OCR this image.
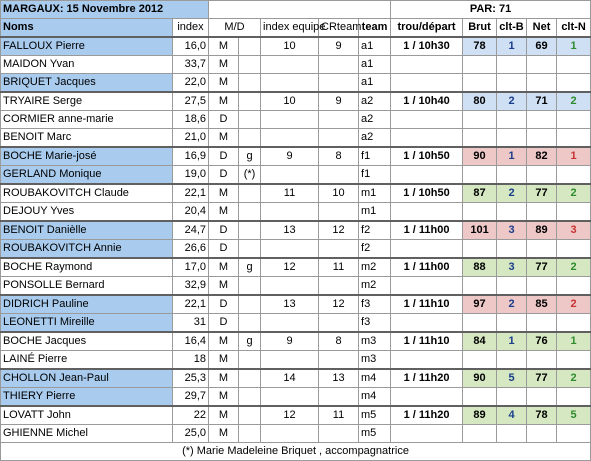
MARGAUX: 15 Novembre 2012							PAR: 71				
Noms	index	M/D		index equipe	CRteam	team	trou/départ	Brut	clt-B	Net	clt-N
FALLOUX Pierre	16,0	M		10	9	a1	1 / 10h30	78	1	69	1
MAIDON Yvan	33,7	M				a1					
BRIQUET Jacques	22,0	M				a1					
TRYAIRE Serge	27,5	M		10	9	a2	1 / 10h40	80	2	71	2
CORMIER anne-marie	18,6	D				a2					
BENOIT Marc	21,0	M				a2					
BOCHE Marie-josé	16,9	D	g	9	8	f1	1 / 10h50	90	1	82	1
GERLAND Monique	19,0	D	(*)			f1					
ROUBAKOVITCH Claude	22,1	M		11	10	m1	1 / 10h50	87	2	77	2
DEJOUY Yves	20,4	M				m1					
BENOIT Danièlle	24,7	D		13	12	f2	1 / 11h00	101	3	89	3
ROUBAKOVITCH Annie	26,6	D				f2					
BOCHE Raymond	17,0	M	g	12	11	m2	1 / 11h00	88	3	77	2
PONSOLLE Bernard	32,9	M				m2					
DIDRICH Pauline	22,1	D		13	12	f3	1 / 11h10	97	2	85	2
LEONETTI Mireille	31	D				f3					
BOCHE Jacques	16,4	M	g	9	8	m3	1 / 11h10	84	1	76	1
LAINÉ Pierre	18	M				m3					
CHOLLON Jean-Paul	25,3	M		14	13	m4	1 / 11h20	90	5	77	2
THIERY Pierre	29,7	M				m4					
LOVATT John	22	M		12	11	m5	1 / 11h20	89	4	78	5
GHIENNE Michel	25,0	M				m5					
(*) Marie Madeleine Briquet , accompagnatrice											
